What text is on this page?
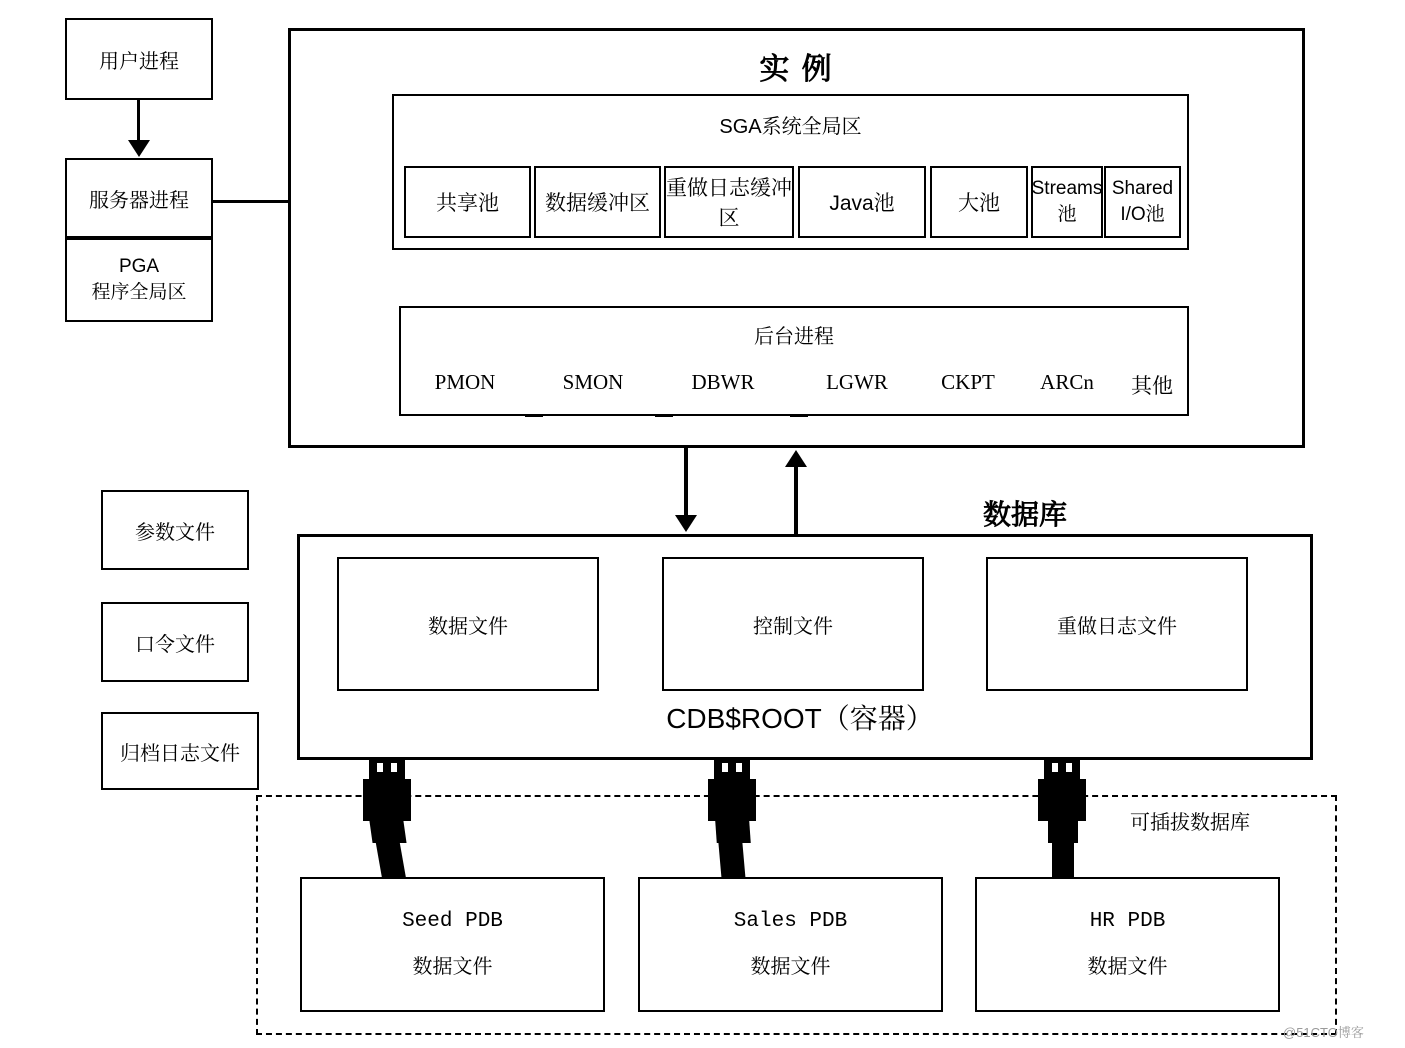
用户进程
服务器进程
PGA
程序全局区
参数文件
口令文件
归档日志文件
实 例
SGA系统全局区
共享池 数据缓冲区
重做日志缓冲区
Java池	大池
Streams
池
Shared
I/O池
后台进程
PMON	SMON	DBWR	LGWR	CKPT	ARCn	其他
数据库
数据文件	控制文件	重做日志文件
CDB$ROOT（容器）
可插拔数据库
Seed PDB
数据文件
Sales PDB
数据文件
HR PDB
数据文件
@51CTO博客
